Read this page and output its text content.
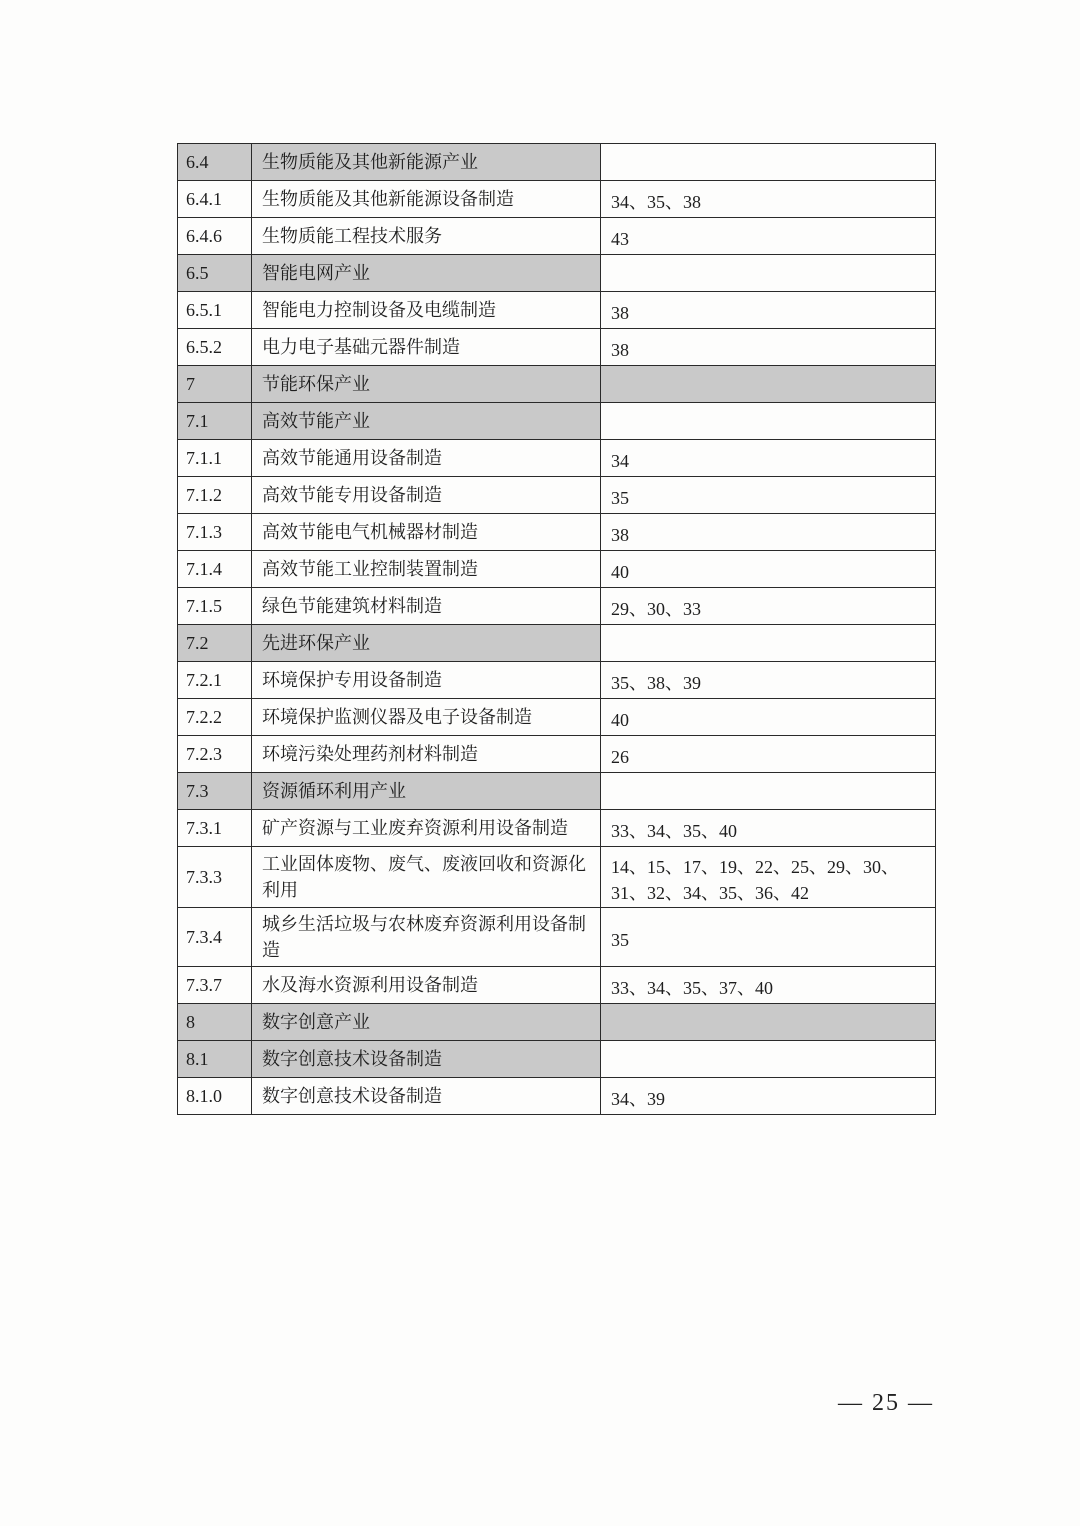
6.4	生物质能及其他新能源产业	
6.4.1	生物质能及其他新能源设备制造	34、35、38
6.4.6	生物质能工程技术服务	43
6.5	智能电网产业	
6.5.1	智能电力控制设备及电缆制造	38
6.5.2	电力电子基础元器件制造	38
7	节能环保产业	
7.1	高效节能产业	
7.1.1	高效节能通用设备制造	34
7.1.2	高效节能专用设备制造	35
7.1.3	高效节能电气机械器材制造	38
7.1.4	高效节能工业控制装置制造	40
7.1.5	绿色节能建筑材料制造	29、30、33
7.2	先进环保产业	
7.2.1	环境保护专用设备制造	35、38、39
7.2.2	环境保护监测仪器及电子设备制造	40
7.2.3	环境污染处理药剂材料制造	26
7.3	资源循环利用产业	
7.3.1	矿产资源与工业废弃资源利用设备制造	33、34、35、40
7.3.3	工业固体废物、废气、废液回收和资源化利用	14、15、17、19、22、25、29、30、31、32、34、35、36、42
7.3.4	城乡生活垃圾与农林废弃资源利用设备制造	35
7.3.7	水及海水资源利用设备制造	33、34、35、37、40
8	数字创意产业	
8.1	数字创意技术设备制造	
8.1.0	数字创意技术设备制造	34、39
— 25 —
